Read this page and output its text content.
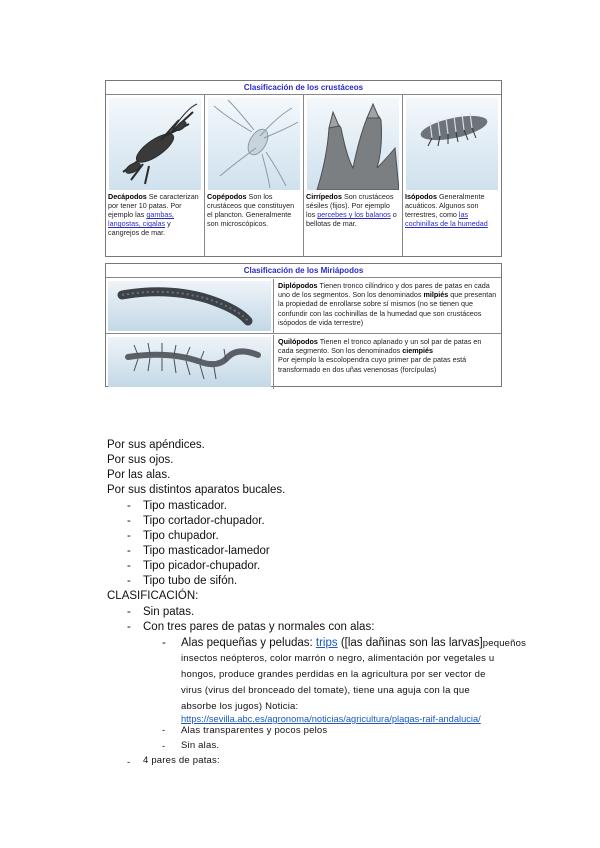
Clasificación de los crustáceos
Decápodos Se caracterizan por tener 10 patas. Por ejemplo las gambas, langostas, cigalas y cangrejos de mar.
Copépodos Son los crustáceos que constituyen el plancton. Generalmente son microscópicos.
Cirrípedos Son crustáceos sésiles (fijos). Por ejemplo los percebes y los balanos o bellotas de mar.
Isópodos Generalmente acuáticos. Algunos son terrestres, como las cochinillas de la humedad
Clasificación de los Miriápodos
Diplópodos Tienen tronco cilíndrico y dos pares de patas en cada uno de los segmentos. Son los denominados milpiés que presentan la propiedad de enrollarse sobre sí mismos (no se tienen que confundir con las cochinillas de la humedad que son crustáceos isópodos de vida terrestre)
Quilópodos Tienen el tronco aplanado y un sol par de patas en cada segmento. Son los denominados ciempiés
Por ejemplo la escolopendra cuyo primer par de patas está transformado en dos uñas venenosas (forcípulas)
Por sus apéndices.
Por sus ojos.
Por las alas.
Por sus distintos aparatos bucales.
- Tipo masticador.
- Tipo cortador-chupador.
- Tipo chupador.
- Tipo masticador-lamedor
- Tipo picador-chupador.
- Tipo tubo de sifón.
CLASIFICACIÓN:
- Sin patas.
- Con tres pares de patas y normales con alas:
- Alas pequeñas y peludas: trips ([las dañinas son las larvas]pequeños
insectos neópteros, color marrón o negro, alimentación por vegetales u
hongos, produce grandes perdidas en la agricultura por ser vector de
virus (virus del bronceado del tomate), tiene una aguja con la que
absorbe los jugos) Noticia:
https://sevilla.abc.es/agronoma/noticias/agricultura/plagas-raif-andalucia/
- Alas transparentes y pocos pelos
- Sin alas.
- 4 pares de patas:
